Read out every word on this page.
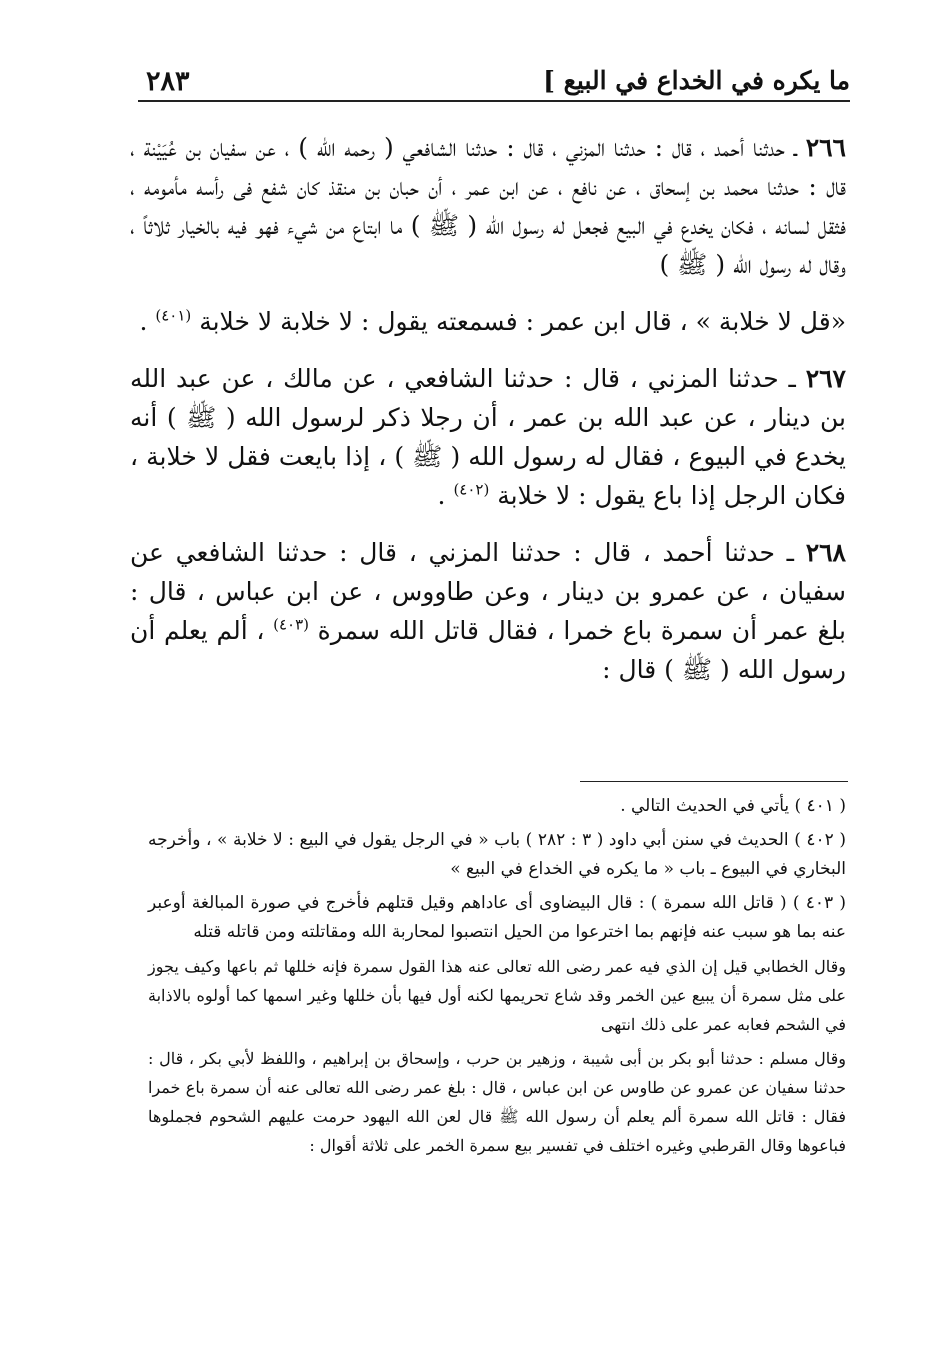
ما يكره في الخداع في البيع ]
٢٨٣

٢٦٦ ـ حدثنا أحمد ، قال : حدثنا المزني ، قال : حدثنا الشافعي ( رحمه الله ) ، عن سفيان بن عُيَيْنة ، قال : حدثنا محمد بن إسحاق ، عن نافع ، عن ابن عمر ، أن حبان بن منقذ كان شفع فى رأسه مأمومه ، فثقل لسانه ، فكان يخدع في البيع فجعل له رسول الله ( ﷺ ) ما ابتاع من شيء فهو فيه بالخيار ثلاثاً ، وقال له رسول الله ( ﷺ )

«قل لا خلابة » ، قال ابن عمر : فسمعته يقول : لا خلابة لا خلابة $^{(٤٠١)}$ .

٢٦٧ ـ حدثنا المزني ، قال : حدثنا الشافعي ، عن مالك ، عن عبد الله بن دينار ، عن عبد الله بن عمر ، أن رجلا ذكر لرسول الله ( ﷺ ) أنه يخدع في البيوع ، فقال له رسول الله ( ﷺ ) ، إذا بايعت فقل لا خلابة ، فكان الرجل إذا باع يقول : لا خلابة $^{(٤٠٢)}$ .

٢٦٨ ـ حدثنا أحمد ، قال : حدثنا المزني ، قال : حدثنا الشافعي عن سفيان ، عن عمرو بن دينار ، وعن طاووس ، عن ابن عباس ، قال : بلغ عمر أن سمرة باع خمرا ، فقال قاتل الله سمرة $^{(٤٠٣)}$ ، ألم يعلم أن رسول الله ( ﷺ ) قال :

( ٤٠١ ) يأتي في الحديث التالي .

( ٤٠٢ ) الحديث في سنن أبي داود ( ٣ : ٢٨٢ ) باب « في الرجل يقول في البيع : لا خلابة » ، وأخرجه البخاري في البيوع ـ باب « ما يكره في الخداع في البيع »

( ٤٠٣ ) ( قاتل الله سمرة ) : قال البيضاوى أى عاداهم وقيل قتلهم فأخرج في صورة المبالغة أوعبر عنه بما هو سبب عنه فإنهم بما اخترعوا من الحيل انتصبوا لمحاربة الله ومقاتلته ومن قاتله قتله

وقال الخطابي قيل إن الذي فيه عمر رضى الله تعالى عنه هذا القول سمرة فإنه خللها ثم باعها وكيف يجوز على مثل سمرة أن يبيع عين الخمر وقد شاع تحريمها لكنه أول فيها بأن خللها وغير اسمها كما أولوه بالاذابة في الشحم فعابه عمر على ذلك انتهى

وقال مسلم : حدثنا أبو بكر بن أبى شيبة ، وزهير بن حرب ، وإسحاق بن إبراهيم ، واللفظ لأبي بكر ، قال : حدثنا سفيان عن عمرو عن طاوس عن ابن عباس ، قال : بلغ عمر رضى الله تعالى عنه أن سمرة باع خمرا فقال : قاتل الله سمرة ألم يعلم أن رسول الله ﷺ قال لعن الله اليهود حرمت عليهم الشحوم فجملوها فباعوها وقال القرطبي وغيره اختلف في تفسير بيع سمرة الخمر على ثلاثة أقوال :
